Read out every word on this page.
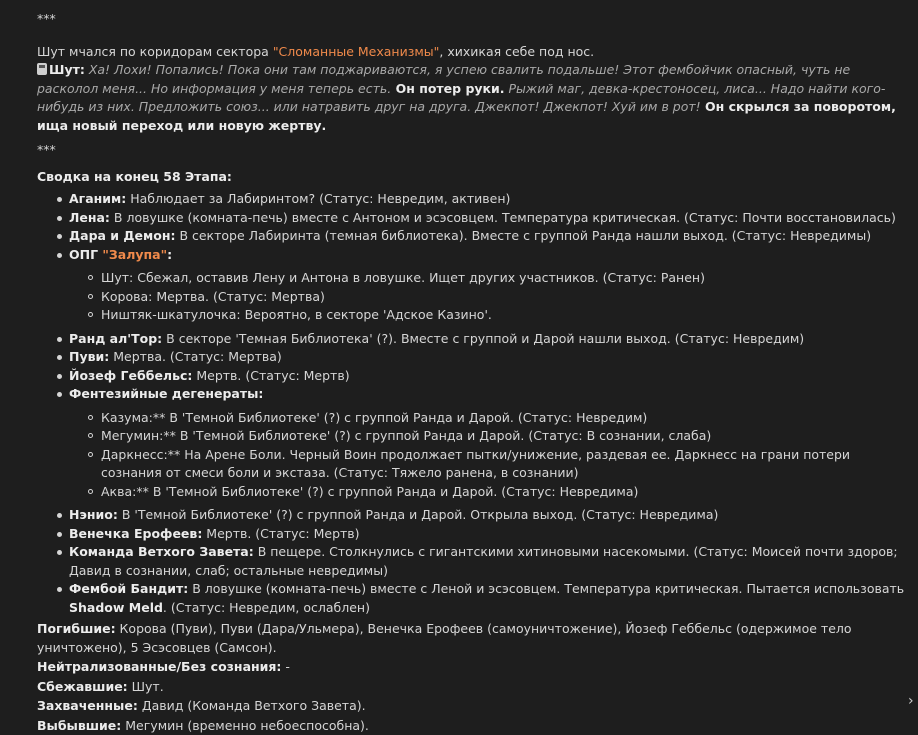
***

Шут мчался по коридорам сектора "Сломанные Механизмы", хихикая себе под нос.

Шут: Ха! Лохи! Попались! Пока они там поджариваются, я успею свалить подальше! Этот фембойчик опасный, чуть не расколол меня... Но информация у меня теперь есть. Он потер руки. Рыжий маг, девка-крестоносец, лиса... Надо найти кого-нибудь из них. Предложить союз... или натравить друг на друга. Джекпот! Джекпот! Хуй им в рот! Он скрылся за поворотом, ища новый переход или новую жертву.

***

Сводка на конец 58 Этапа:

Аганим: Наблюдает за Лабиринтом? (Статус: Невредим, активен)
Лена: В ловушке (комната-печь) вместе с Антоном и эсэсовцем. Температура критическая. (Статус: Почти восстановилась)
Дара и Демон: В секторе Лабиринта (темная библиотека). Вместе с группой Ранда нашли выход. (Статус: Невредимы)
ОПГ "Залупа":
Шут: Сбежал, оставив Лену и Антона в ловушке. Ищет других участников. (Статус: Ранен)
Корова: Мертва. (Статус: Мертва)
Ништяк-шкатулочка: Вероятно, в секторе 'Адское Казино'.
Ранд ал'Тор: В секторе 'Темная Библиотека' (?). Вместе с группой и Дарой нашли выход. (Статус: Невредим)
Пуви: Мертва. (Статус: Мертва)
Йозеф Геббельс: Мертв. (Статус: Мертв)
Фентезийные дегенераты:
Казума:** В 'Темной Библиотеке' (?) с группой Ранда и Дарой. (Статус: Невредим)
Мегумин:** В 'Темной Библиотеке' (?) с группой Ранда и Дарой. (Статус: В сознании, слаба)
Даркнесс:** На Арене Боли. Черный Воин продолжает пытки/унижение, раздевая ее. Даркнесс на грани потери сознания от смеси боли и экстаза. (Статус: Тяжело ранена, в сознании)
Аква:** В 'Темной Библиотеке' (?) с группой Ранда и Дарой. (Статус: Невредима)
Нэнио: В 'Темной Библиотеке' (?) с группой Ранда и Дарой. Открыла выход. (Статус: Невредима)
Венечка Ерофеев: Мертв. (Статус: Мертв)
Команда Ветхого Завета: В пещере. Столкнулись с гигантскими хитиновыми насекомыми. (Статус: Моисей почти здоров; Давид в сознании, слаб; остальные невредимы)
Фембой Бандит: В ловушке (комната-печь) вместе с Леной и эсэсовцем. Температура критическая. Пытается использовать Shadow Meld. (Статус: Невредим, ослаблен)

Погибшие: Корова (Пуви), Пуви (Дара/Ульмера), Венечка Ерофеев (самоуничтожение), Йозеф Геббельс (одержимое тело уничтожено), 5 Эсэсовцев (Самсон).

Нейтрализованные/Без сознания: -

Сбежавшие: Шут.

Захваченные: Давид (Команда Ветхого Завета).

Выбывшие: Мегумин (временно небоеспособна).

›
